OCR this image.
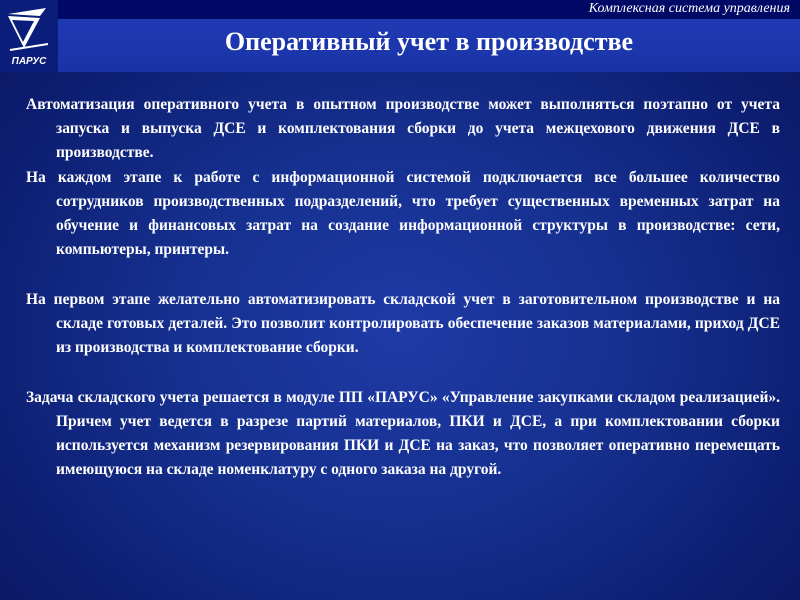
ПАРУС
Комплексная система управления
Оперативный учет в производстве

Автоматизация оперативного учета в опытном производстве может выполняться поэтапно от учета запуска и выпуска ДСЕ и комплектования сборки до учета межцехового движения ДСЕ в производстве.

На каждом этапе к работе с информационной системой подключается все большее количество сотрудников производственных подразделений, что требует существенных временных затрат на обучение и финансовых затрат на создание информационной структуры в производстве: сети, компьютеры, принтеры.

На первом этапе желательно автоматизировать складской учет в заготовительном производстве и на складе готовых деталей. Это позволит контролировать обеспечение заказов материалами, приход ДСЕ из производства и комплектование сборки.

Задача складского учета решается в модуле ПП «ПАРУС» «Управление закупками складом реализацией». Причем учет ведется в разрезе партий материалов, ПКИ и ДСЕ, а при комплектовании сборки используется механизм резервирования ПКИ и ДСЕ на заказ, что позволяет оперативно перемещать имеющуюся на складе номенклатуру с одного заказа на другой.
